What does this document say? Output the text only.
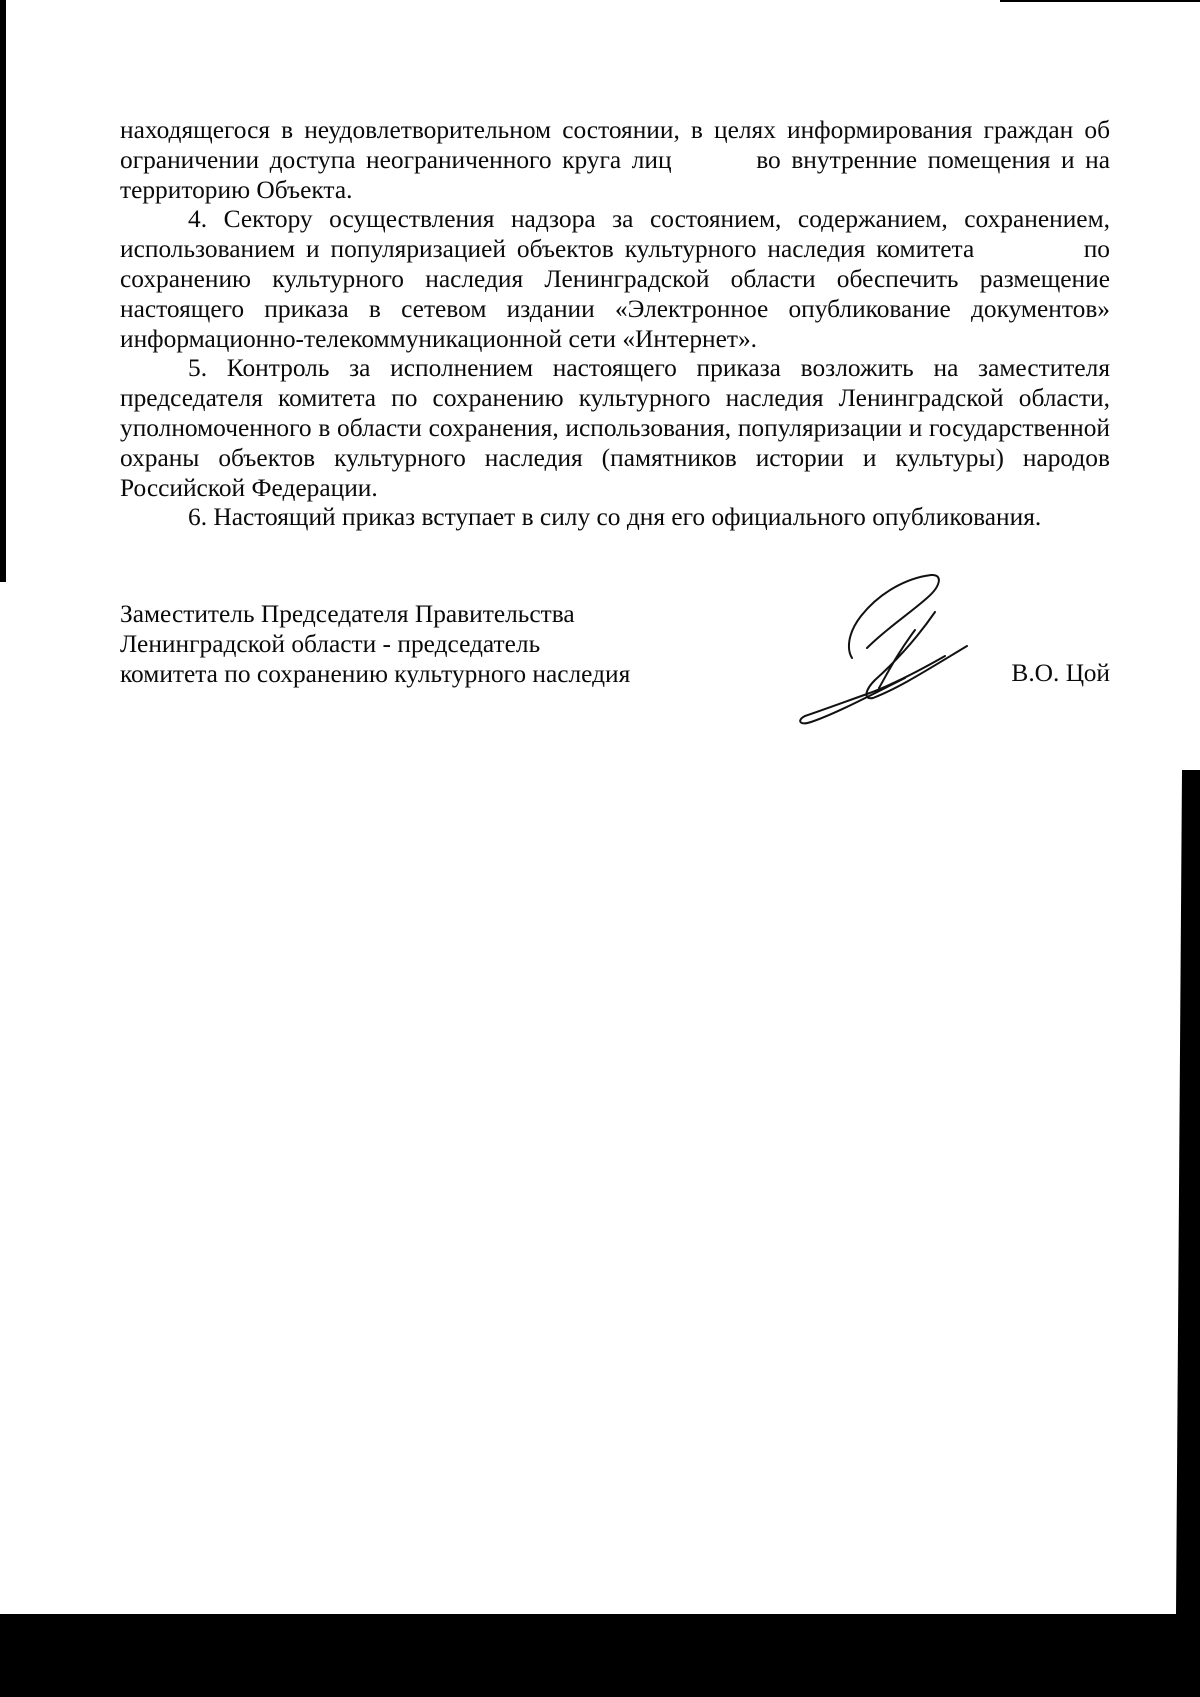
находящегося в неудовлетворительном состоянии, в целях информирования граждан об ограничении доступа неограниченного круга лиц        во внутренние помещения и на территорию Объекта.

4. Сектору осуществления надзора за состоянием, содержанием, сохранением, использованием и популяризацией объектов культурного наследия комитета          по сохранению культурного наследия Ленинградской области обеспечить размещение настоящего приказа в сетевом издании «Электронное опубликование документов» информационно-телекоммуникационной сети «Интернет».

5. Контроль за исполнением настоящего приказа возложить на заместителя председателя комитета по сохранению культурного наследия Ленинградской области, уполномоченного в области сохранения, использования, популяризации и государственной охраны объектов культурного наследия (памятников истории и культуры) народов Российской Федерации.

6. Настоящий приказ вступает в силу со дня его официального опубликования.

Заместитель Председателя Правительства
Ленинградской области - председатель
комитета по сохранению культурного наследия	В.О. Цой
